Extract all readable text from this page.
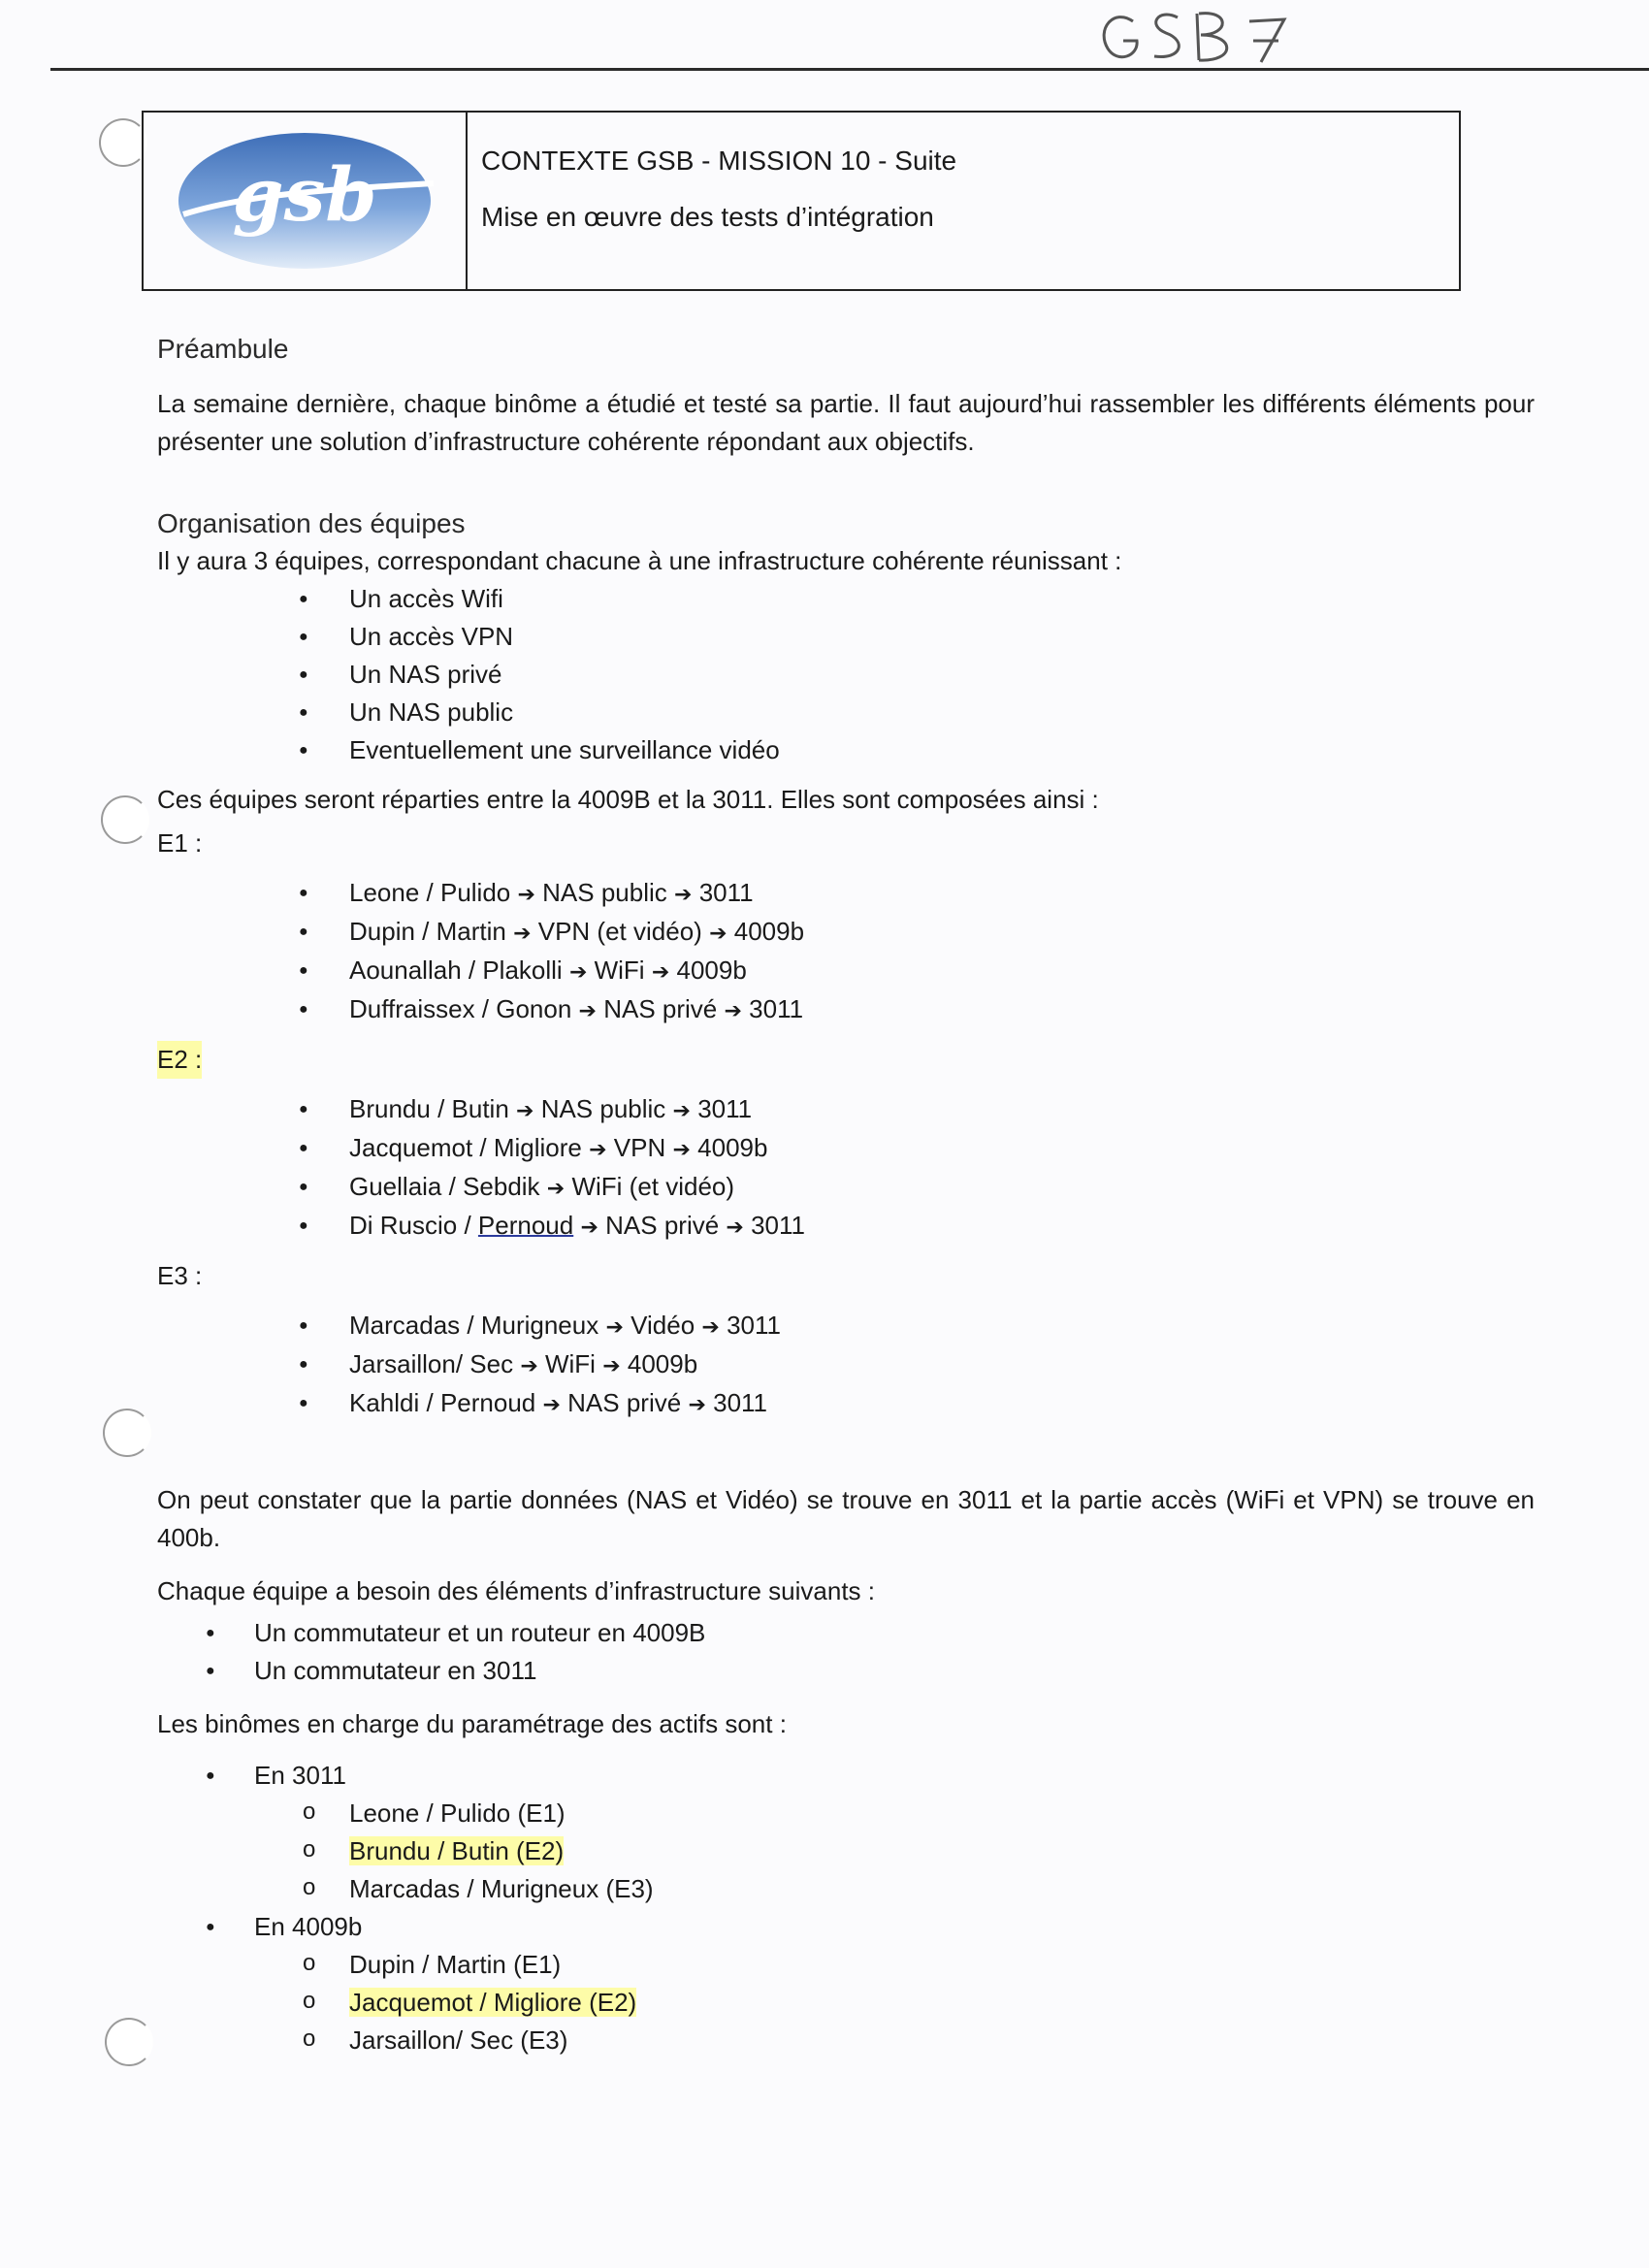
gsb	CONTEXTE GSB - MISSION 10 - Suite

Mise en œuvre des tests d’intégration

Préambule

La semaine dernière, chaque binôme a étudié et testé sa partie. Il faut aujourd’hui rassembler les différents éléments pour présenter une solution d’infrastructure cohérente répondant aux objectifs.

Organisation des équipes

Il y aura 3 équipes, correspondant chacune à une infrastructure cohérente réunissant :

● Un accès Wifi
● Un accès VPN
● Un NAS privé
● Un NAS public
● Eventuellement une surveillance vidéo

Ces équipes seront réparties entre la 4009B et la 3011. Elles sont composées ainsi :

E1 :

● Leone / Pulido ➔ NAS public ➔ 3011
● Dupin / Martin ➔ VPN (et vidéo) ➔ 4009b
● Aounallah / Plakolli ➔ WiFi ➔ 4009b
● Duffraissex / Gonon ➔ NAS privé ➔ 3011

E2 :

● Brundu / Butin ➔ NAS public ➔ 3011
● Jacquemot / Migliore ➔ VPN ➔ 4009b
● Guellaia / Sebdik ➔ WiFi (et vidéo)
● Di Ruscio / Pernoud ➔ NAS privé ➔ 3011

E3 :

● Marcadas / Murigneux ➔ Vidéo ➔ 3011
● Jarsaillon/ Sec ➔ WiFi ➔ 4009b
● Kahldi / Pernoud ➔ NAS privé ➔ 3011

On peut constater que la partie données (NAS et Vidéo) se trouve en 3011 et la partie accès (WiFi et VPN) se trouve en 400b.

Chaque équipe a besoin des éléments d’infrastructure suivants :

● Un commutateur et un routeur en 4009B
● Un commutateur en 3011

Les binômes en charge du paramétrage des actifs sont :

● En 3011
o Leone / Pulido (E1)
o Brundu / Butin (E2)
o Marcadas / Murigneux (E3)
● En 4009b
o Dupin / Martin (E1)
o Jacquemot / Migliore (E2)
o Jarsaillon/ Sec (E3)
